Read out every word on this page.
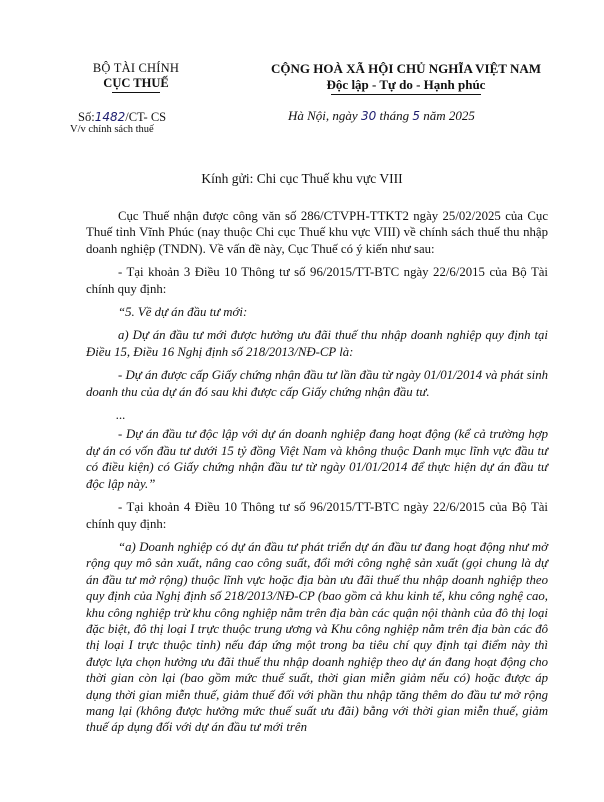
BỘ TÀI CHÍNH
CỤC THUẾ
CỘNG HOÀ XÃ HỘI CHỦ NGHĨA VIỆT NAM
Độc lập - Tự do - Hạnh phúc
Số:1482/CT- CS
V/v chính sách thuế
Hà Nội, ngày 30 tháng 5 năm 2025
Kính gửi: Chi cục Thuế khu vực VIII

Cục Thuế nhận được công văn số 286/CTVPH-TTKT2 ngày 25/02/2025 của Cục Thuế tỉnh Vĩnh Phúc (nay thuộc Chi cục Thuế khu vực VIII) về chính sách thuế thu nhập doanh nghiệp (TNDN). Về vấn đề này, Cục Thuế có ý kiến như sau:

- Tại khoản 3 Điều 10 Thông tư số 96/2015/TT-BTC ngày 22/6/2015 của Bộ Tài chính quy định:

“5. Về dự án đầu tư mới:

a) Dự án đầu tư mới được hưởng ưu đãi thuế thu nhập doanh nghiệp quy định tại Điều 15, Điều 16 Nghị định số 218/2013/NĐ-CP là:

- Dự án được cấp Giấy chứng nhận đầu tư lần đầu từ ngày 01/01/2014 và phát sinh doanh thu của dự án đó sau khi được cấp Giấy chứng nhận đầu tư.

...

- Dự án đầu tư độc lập với dự án doanh nghiệp đang hoạt động (kể cả trường hợp dự án có vốn đầu tư dưới 15 tỷ đồng Việt Nam và không thuộc Danh mục lĩnh vực đầu tư có điều kiện) có Giấy chứng nhận đầu tư từ ngày 01/01/2014 để thực hiện dự án đầu tư độc lập này.”

- Tại khoản 4 Điều 10 Thông tư số 96/2015/TT-BTC ngày 22/6/2015 của Bộ Tài chính quy định:

“a) Doanh nghiệp có dự án đầu tư phát triển dự án đầu tư đang hoạt động như mở rộng quy mô sản xuất, nâng cao công suất, đổi mới công nghệ sản xuất (gọi chung là dự án đầu tư mở rộng) thuộc lĩnh vực hoặc địa bàn ưu đãi thuế thu nhập doanh nghiệp theo quy định của Nghị định số 218/2013/NĐ-CP (bao gồm cả khu kinh tế, khu công nghệ cao, khu công nghiệp trừ khu công nghiệp nằm trên địa bàn các quận nội thành của đô thị loại đặc biệt, đô thị loại I trực thuộc trung ương và Khu công nghiệp nằm trên địa bàn các đô thị loại I trực thuộc tỉnh) nếu đáp ứng một trong ba tiêu chí quy định tại điểm này thì được lựa chọn hưởng ưu đãi thuế thu nhập doanh nghiệp theo dự án đang hoạt động cho thời gian còn lại (bao gồm mức thuế suất, thời gian miễn giảm nếu có) hoặc được áp dụng thời gian miễn thuế, giảm thuế đối với phần thu nhập tăng thêm do đầu tư mở rộng mang lại (không được hưởng mức thuế suất ưu đãi) bằng với thời gian miễn thuế, giảm thuế áp dụng đối với dự án đầu tư mới trên
